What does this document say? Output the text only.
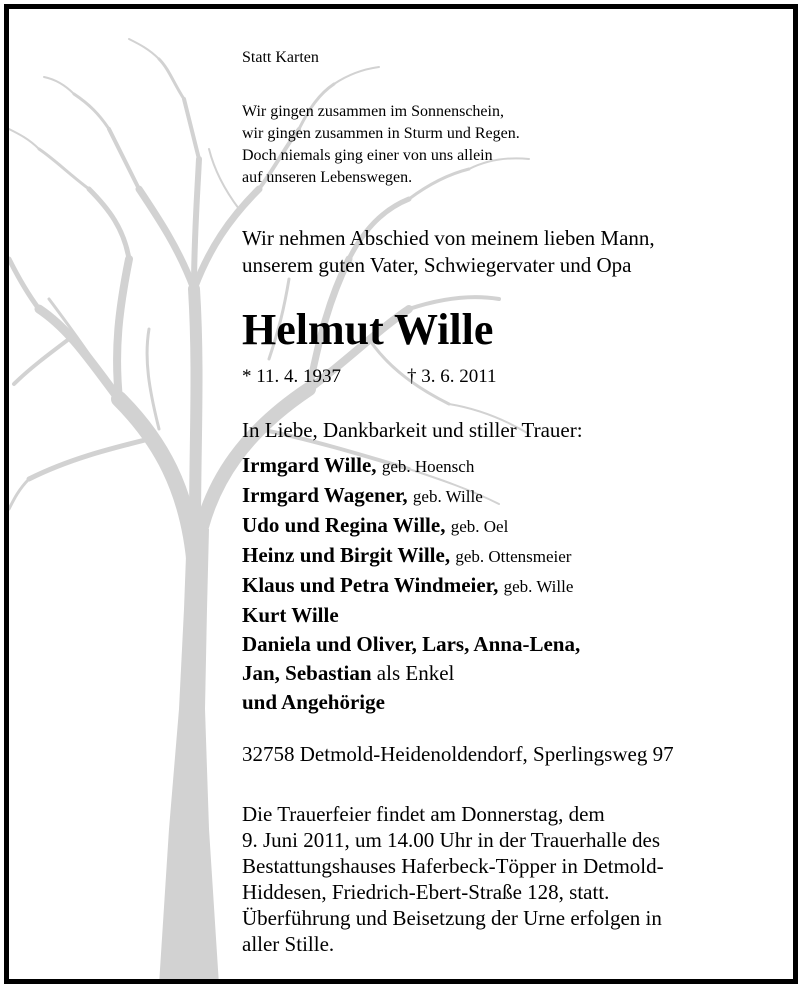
Statt Karten
Wir gingen zusammen im Sonnenschein,
wir gingen zusammen in Sturm und Regen.
Doch niemals ging einer von uns allein
auf unseren Lebenswegen.
Wir nehmen Abschied von meinem lieben Mann,
unserem guten Vater, Schwiegervater und Opa
Helmut Wille
* 11. 4. 1937	† 3. 6. 2011
In Liebe, Dankbarkeit und stiller Trauer:
Irmgard Wille, geb. Hoensch
Irmgard Wagener, geb. Wille
Udo und Regina Wille, geb. Oel
Heinz und Birgit Wille, geb. Ottensmeier
Klaus und Petra Windmeier, geb. Wille
Kurt Wille
Daniela und Oliver, Lars, Anna-Lena,
Jan, Sebastian als Enkel
und Angehörige
32758 Detmold-Heidenoldendorf, Sperlingsweg 97
Die Trauerfeier findet am Donnerstag, dem
9. Juni 2011, um 14.00 Uhr in der Trauerhalle des
Bestattungshauses Haferbeck-Töpper in Detmold-
Hiddesen, Friedrich-Ebert-Straße 128, statt.
Überführung und Beisetzung der Urne erfolgen in
aller Stille.
